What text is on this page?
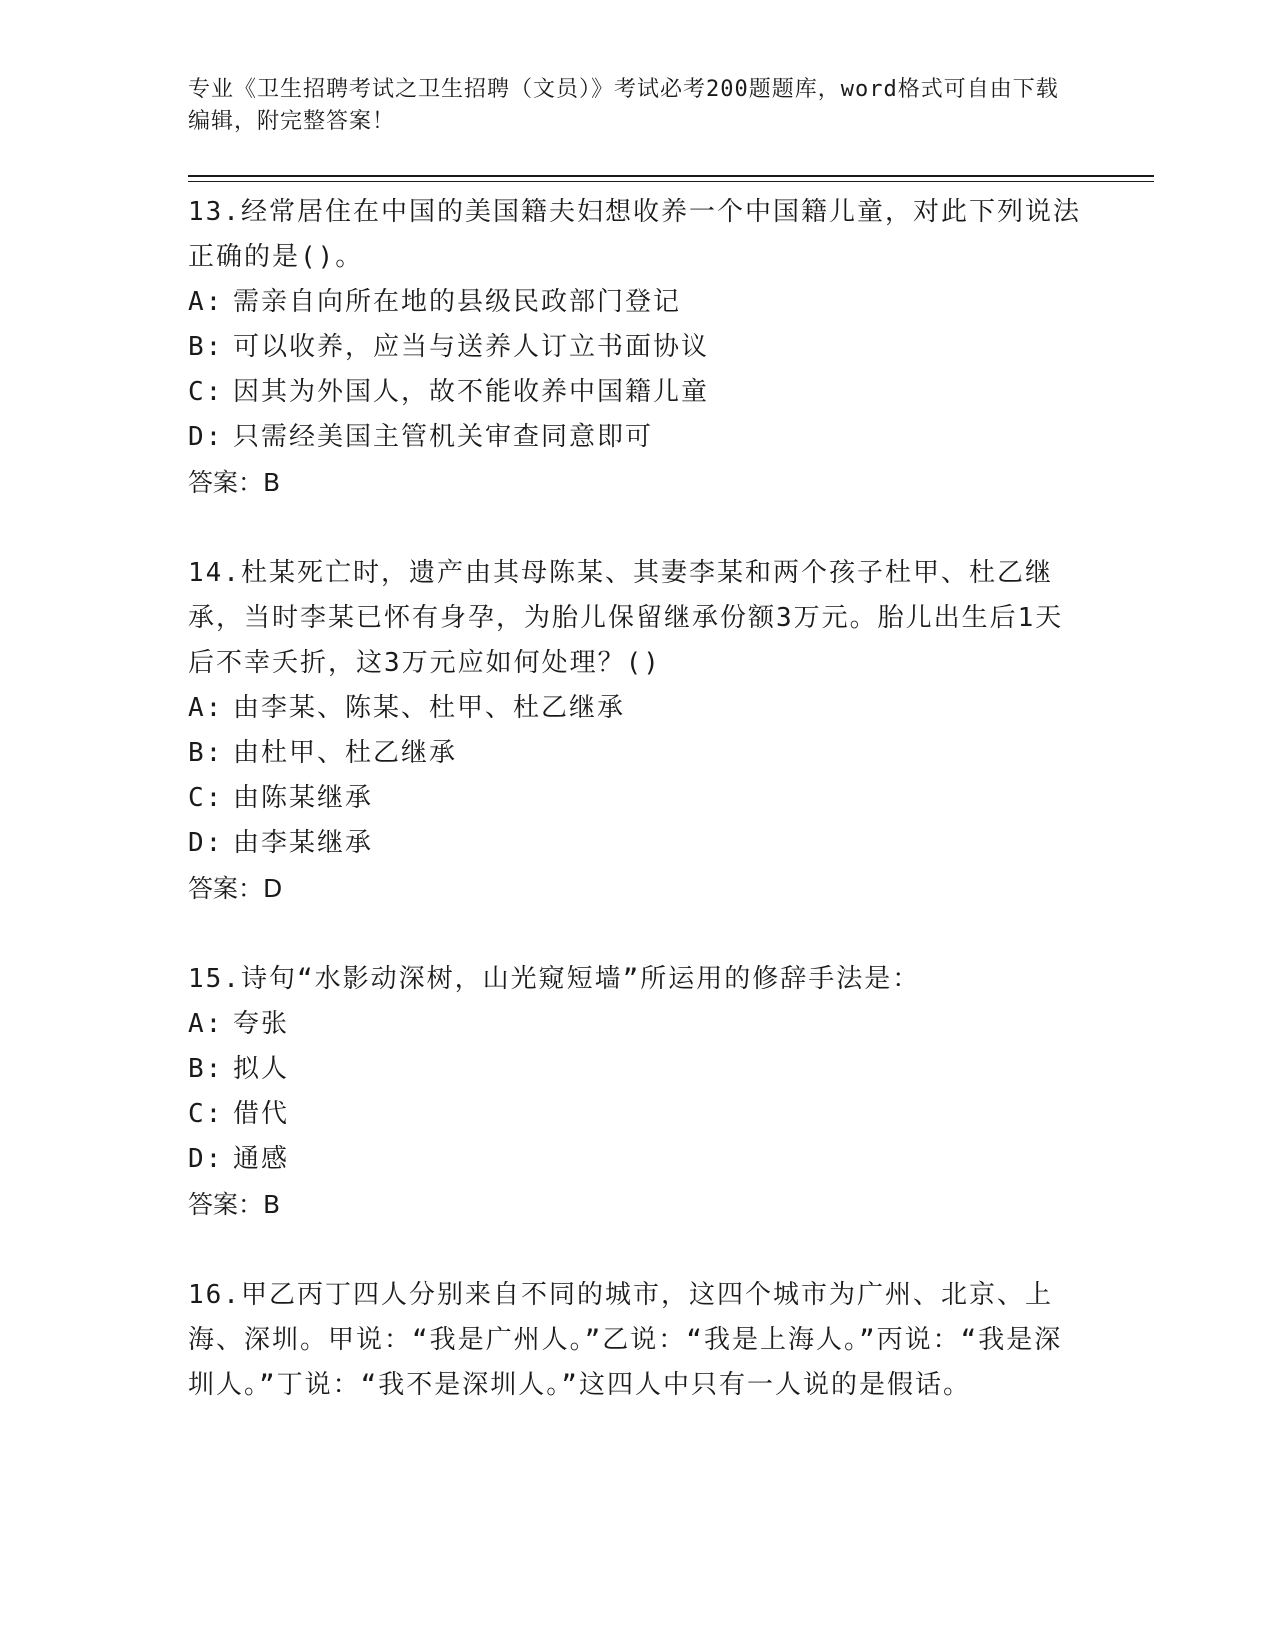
专业《卫生招聘考试之卫生招聘（文员）》考试必考200题题库，word格式可自由下载编辑，附完整答案！
13.经常居住在中国的美国籍夫妇想收养一个中国籍儿童，对此下列说法正确的是()。
A: 需亲自向所在地的县级民政部门登记
B: 可以收养，应当与送养人订立书面协议
C: 因其为外国人，故不能收养中国籍儿童
D: 只需经美国主管机关审查同意即可
答案：B
14.杜某死亡时，遗产由其母陈某、其妻李某和两个孩子杜甲、杜乙继承，当时李某已怀有身孕，为胎儿保留继承份额3万元。胎儿出生后1天后不幸夭折，这3万元应如何处理？()
A: 由李某、陈某、杜甲、杜乙继承
B: 由杜甲、杜乙继承
C: 由陈某继承
D: 由李某继承
答案：D
15.诗句“水影动深树，山光窥短墙”所运用的修辞手法是：
A: 夸张
B: 拟人
C: 借代
D: 通感
答案：B
16.甲乙丙丁四人分别来自不同的城市，这四个城市为广州、北京、上海、深圳。甲说：“我是广州人。”乙说：“我是上海人。”丙说：“我是深圳人。”丁说：“我不是深圳人。”这四人中只有一人说的是假话。
